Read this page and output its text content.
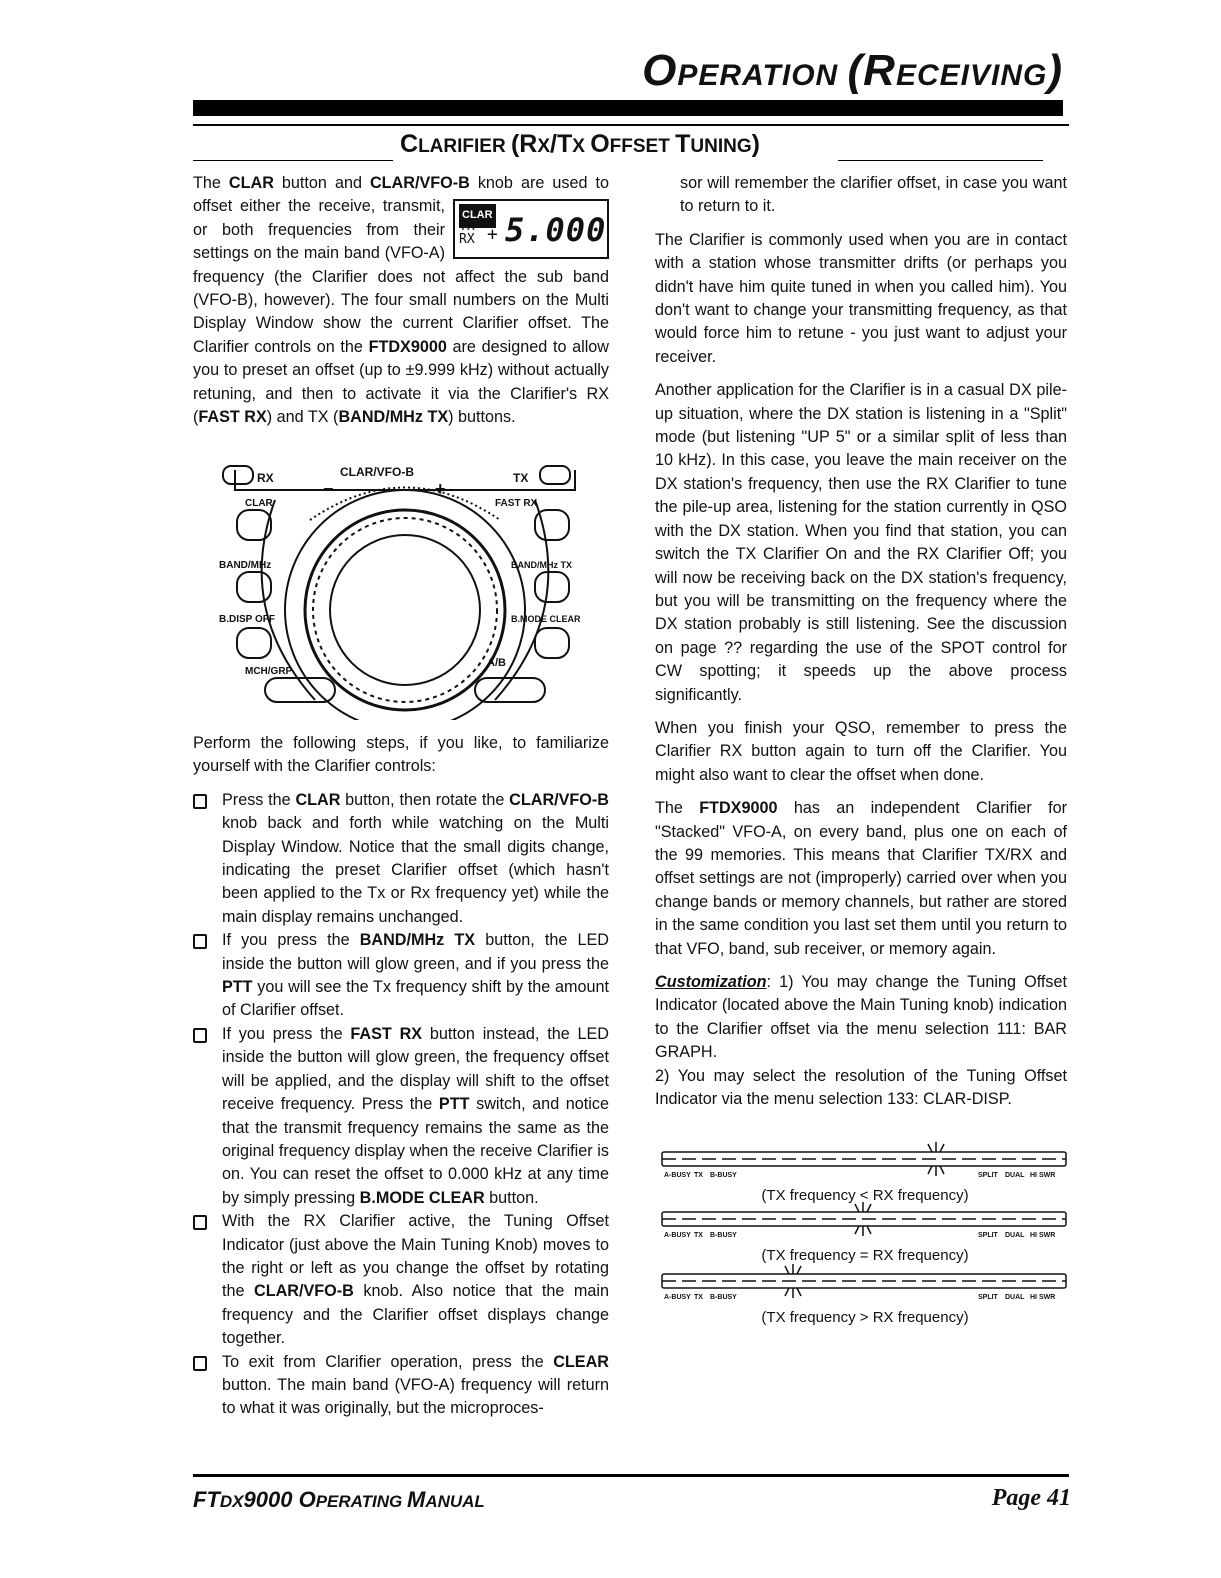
OPERATION (RECEIVING)
CLARIFIER (RX/TX OFFSET TUNING)

The CLAR button and CLAR/VFO-B
CLAR
TX
RX + 5.000
knob are used to offset either the receive, transmit, or both frequencies from their settings on the main band (VFO-A) frequency (the Clarifier does not affect the sub band (VFO-B), however). The four small numbers on the Multi Display Window show the current Clarifier offset. The Clarifier controls on the FTDX9000 are designed to allow you to preset an offset (up to ±9.999 kHz) without actually retuning, and then to activate it via the Clarifier's RX (FAST RX) and TX (BAND/MHz TX) buttons.

RX	CLAR/VFO-B
−	+
TX
CLAR	FAST RX
BAND/MHz	BAND/MHz TX
B.DISP OFF	B.MODE CLEAR
MCH/GRP
A/B

Perform the following steps, if you like, to familiarize yourself with the Clarifier controls:

Press the CLAR button, then rotate the CLAR/VFO-B knob back and forth while watching on the Multi Display Window. Notice that the small digits change, indicating the preset Clarifier offset (which hasn't been applied to the Tx or Rx frequency yet) while the main display remains unchanged.
If you press the BAND/MHz TX button, the LED inside the button will glow green, and if you press the PTT you will see the Tx frequency shift by the amount of Clarifier offset.
If you press the FAST RX button instead, the LED inside the button will glow green, the frequency offset will be applied, and the display will shift to the offset receive frequency. Press the PTT switch, and notice that the transmit frequency remains the same as the original frequency display when the receive Clarifier is on. You can reset the offset to 0.000 kHz at any time by simply pressing B.MODE CLEAR button.
With the RX Clarifier active, the Tuning Offset Indicator (just above the Main Tuning Knob) moves to the right or left as you change the offset by rotating the CLAR/VFO-B knob. Also notice that the main frequency and the Clarifier offset displays change together.
To exit from Clarifier operation, press the CLEAR button. The main band (VFO-A) frequency will return to what it was originally, but the microproces-

sor will remember the clarifier offset, in case you want to return to it.

The Clarifier is commonly used when you are in contact with a station whose transmitter drifts (or perhaps you didn't have him quite tuned in when you called him). You don't want to change your transmitting frequency, as that would force him to retune - you just want to adjust your receiver.

Another application for the Clarifier is in a casual DX pile-up situation, where the DX station is listening in a "Split" mode (but listening "UP 5" or a similar split of less than 10 kHz). In this case, you leave the main receiver on the DX station's frequency, then use the RX Clarifier to tune the pile-up area, listening for the station currently in QSO with the DX station. When you find that station, you can switch the TX Clarifier On and the RX Clarifier Off; you will now be receiving back on the DX station's frequency, but you will be transmitting on the frequency where the DX station probably is still listening. See the discussion on page ?? regarding the use of the SPOT control for CW spotting; it speeds up the above process significantly.

When you finish your QSO, remember to press the Clarifier RX button again to turn off the Clarifier. You might also want to clear the offset when done.

The FTDX9000 has an independent Clarifier for "Stacked" VFO-A, on every band, plus one on each of the 99 memories. This means that Clarifier TX/RX and offset settings are not (improperly) carried over when you change bands or memory channels, but rather are stored in the same condition you last set them until you return to that VFO, band, sub receiver, or memory again.

Customization: 1) You may change the Tuning Offset Indicator (located above the Main Tuning knob) indication to the Clarifier offset via the menu selection 111: BAR GRAPH.

2) You may select the resolution of the Tuning Offset Indicator via the menu selection 133: CLAR-DISP.

A-BUSY TX B-BUSY	SPLIT DUAL HI SWR
(TX frequency < RX frequency)
A-BUSY TX B-BUSY	SPLIT DUAL HI SWR
(TX frequency = RX frequency)
A-BUSY TX B-BUSY	SPLIT DUAL HI SWR
(TX frequency > RX frequency)
FTDX9000 OPERATING MANUAL	Page 41
